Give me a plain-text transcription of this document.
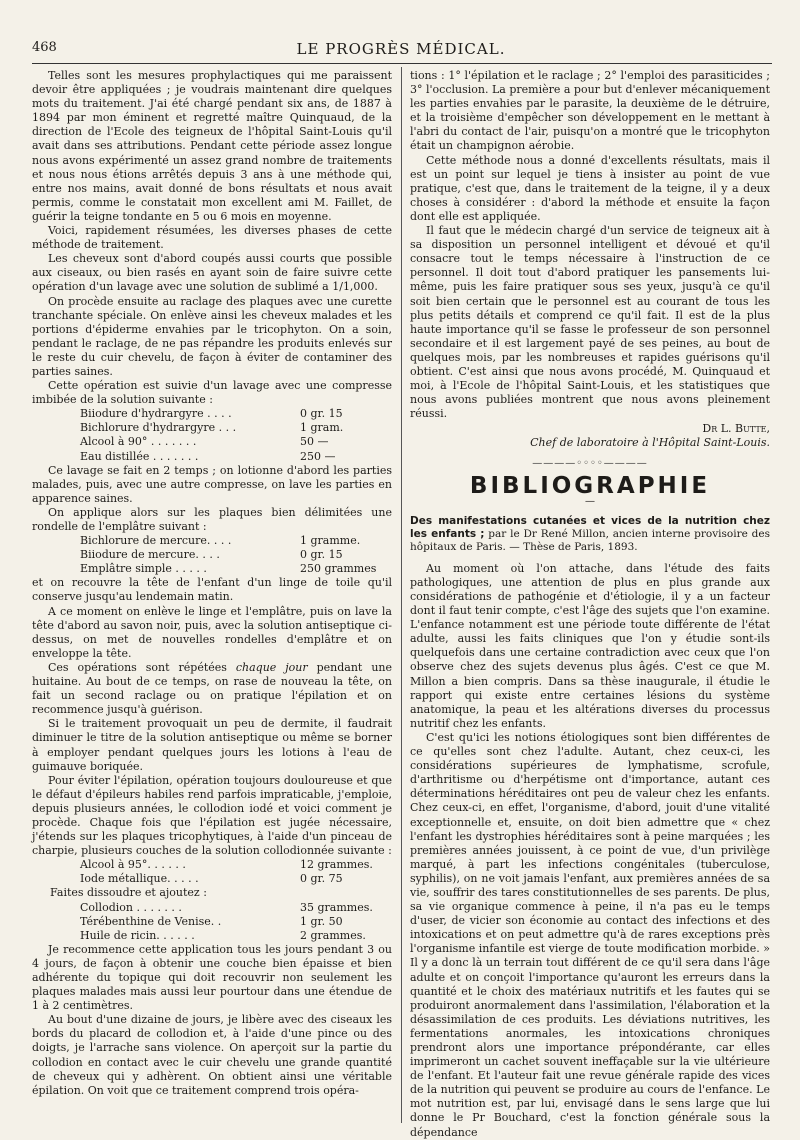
468	LE PROGRÈS MÉDICAL.

Telles sont les mesures prophylactiques qui me paraissent devoir être appliquées ; je voudrais maintenant dire quelques mots du traitement. J'ai été chargé pendant six ans, de 1887 à 1894 par mon éminent et regretté maître Quinquaud, de la direction de l'Ecole des teigneux de l'hôpital Saint-Louis qu'il avait dans ses attributions. Pendant cette période assez longue nous avons expérimenté un assez grand nombre de traitements et nous nous étions arrêtés depuis 3 ans à une méthode qui, entre nos mains, avait donné de bons résultats et nous avait permis, comme le constatait mon excellent ami M. Faillet, de guérir la teigne tondante en 5 ou 6 mois en moyenne.

Voici, rapidement résumées, les diverses phases de cette méthode de traitement.

Les cheveux sont d'abord coupés aussi courts que possible aux ciseaux, ou bien rasés en ayant soin de faire suivre cette opération d'un lavage avec une solution de sublimé a 1/1,000.

On procède ensuite au raclage des plaques avec une curette tranchante spéciale. On enlève ainsi les cheveux malades et les portions d'épiderme envahies par le tricophyton. On a soin, pendant le raclage, de ne pas répandre les produits enlevés sur le reste du cuir chevelu, de façon à éviter de contaminer des parties saines.

Cette opération est suivie d'un lavage avec une compresse imbibée de la solution suivante :

Biiodure d'hydrargyre . . . .	0 gr. 15
Bichlorure d'hydrargyre . . .	1 gram.
Alcool à 90° . . . . . . .	50 —
Eau distillée . . . . . . .	250 —

Ce lavage se fait en 2 temps ; on lotionne d'abord les parties malades, puis, avec une autre compresse, on lave les parties en apparence saines.

On applique alors sur les plaques bien délimitées une rondelle de l'emplâtre suivant :

Bichlorure de mercure. . . .	1 gramme.
Biiodure de mercure. . . .	0 gr. 15
Emplâtre simple . . . . .	250 grammes

et on recouvre la tête de l'enfant d'un linge de toile qu'il conserve jusqu'au lendemain matin.

A ce moment on enlève le linge et l'emplâtre, puis on lave la tête d'abord au savon noir, puis, avec la solution antiseptique ci-dessus, on met de nouvelles rondelles d'emplâtre et on enveloppe la tête.

Ces opérations sont répétées chaque jour pendant une huitaine. Au bout de ce temps, on rase de nouveau la tête, on fait un second raclage ou on pratique l'épilation et on recommence jusqu'à guérison.

Si le traitement provoquait un peu de dermite, il faudrait diminuer le titre de la solution antiseptique ou même se borner à employer pendant quelques jours les lotions à l'eau de guimauve boriquée.

Pour éviter l'épilation, opération toujours douloureuse et que le défaut d'épileurs habiles rend parfois impraticable, j'emploie, depuis plusieurs années, le collodion iodé et voici comment je procède. Chaque fois que l'épilation est jugée nécessaire, j'étends sur les plaques tricophytiques, à l'aide d'un pinceau de charpie, plusieurs couches de la solution collodionnée suivante :

Alcool à 95°. . . . . .	12 grammes.
Iode métallique. . . . .	0 gr. 75
Faites dissoudre et ajoutez :	
Collodion . . . . . . .	35 grammes.
Térébenthine de Venise. .	1 gr. 50
Huile de ricin. . . . . .	2 grammes.

Je recommence cette application tous les jours pendant 3 ou 4 jours, de façon à obtenir une couche bien épaisse et bien adhérente du topique qui doit recouvrir non seulement les plaques malades mais aussi leur pourtour dans une étendue de 1 à 2 centimètres.

Au bout d'une dizaine de jours, je libère avec des ciseaux les bords du placard de collodion et, à l'aide d'une pince ou des doigts, je l'arrache sans violence. On aperçoit sur la partie du collodion en contact avec le cuir chevelu une grande quantité de cheveux qui y adhèrent. On obtient ainsi une véritable épilation. On voit que ce traitement comprend trois opéra-

tions : 1° l'épilation et le raclage ; 2° l'emploi des parasiticides ; 3° l'occlusion. La première a pour but d'enlever mécaniquement les parties envahies par le parasite, la deuxième de le détruire, et la troisième d'empêcher son développement en le mettant à l'abri du contact de l'air, puisqu'on a montré que le tricophyton était un champignon aérobie.

Cette méthode nous a donné d'excellents résultats, mais il est un point sur lequel je tiens à insister au point de vue pratique, c'est que, dans le traitement de la teigne, il y a deux choses à considérer : d'abord la méthode et ensuite la façon dont elle est appliquée.

Il faut que le médecin chargé d'un service de teigneux ait à sa disposition un personnel intelligent et dévoué et qu'il consacre tout le temps nécessaire à l'instruction de ce personnel. Il doit tout d'abord pratiquer les pansements lui-même, puis les faire pratiquer sous ses yeux, jusqu'à ce qu'il soit bien certain que le personnel est au courant de tous les plus petits détails et comprend ce qu'il fait. Il est de la plus haute importance qu'il se fasse le professeur de son personnel secondaire et il est largement payé de ses peines, au bout de quelques mois, par les nombreuses et rapides guérisons qu'il obtient. C'est ainsi que nous avons procédé, M. Quinquaud et moi, à l'Ecole de l'hôpital Saint-Louis, et les statistiques que nous avons publiées montrent que nous avons pleinement réussi.

Dr L. Butte,
Chef de laboratoire à l'Hôpital Saint-Louis.
————◦◦◦◦————
BIBLIOGRAPHIE
—

Des manifestations cutanées et vices de la nutrition chez les enfants ; par le Dr René Millon, ancien interne provisoire des hôpitaux de Paris. — Thèse de Paris, 1893.

Au moment où l'on attache, dans l'étude des faits pathologiques, une attention de plus en plus grande aux considérations de pathogénie et d'étiologie, il y a un facteur dont il faut tenir compte, c'est l'âge des sujets que l'on examine. L'enfance notamment est une période toute différente de l'état adulte, aussi les faits cliniques que l'on y étudie sont-ils quelquefois dans une certaine contradiction avec ceux que l'on observe chez des sujets devenus plus âgés. C'est ce que M. Millon a bien compris. Dans sa thèse inaugurale, il étudie le rapport qui existe entre certaines lésions du système anatomique, la peau et les altérations diverses du processus nutritif chez les enfants.

C'est qu'ici les notions étiologiques sont bien différentes de ce qu'elles sont chez l'adulte. Autant, chez ceux-ci, les considérations supérieures de lymphatisme, scrofule, d'arthritisme ou d'herpétisme ont d'importance, autant ces déterminations héréditaires ont peu de valeur chez les enfants. Chez ceux-ci, en effet, l'organisme, d'abord, jouit d'une vitalité exceptionnelle et, ensuite, on doit bien admettre que « chez l'enfant les dystrophies héréditaires sont à peine marquées ; les premières années jouissent, à ce point de vue, d'un privilège marqué, à part les infections congénitales (tuberculose, syphilis), on ne voit jamais l'enfant, aux premières années de sa vie, souffrir des tares constitutionnelles de ses parents. De plus, sa vie organique commence à peine, il n'a pas eu le temps d'user, de vicier son économie au contact des infections et des intoxications et on peut admettre qu'à de rares exceptions près l'organisme infantile est vierge de toute modification morbide. » Il y a donc là un terrain tout différent de ce qu'il sera dans l'âge adulte et on conçoit l'importance qu'auront les erreurs dans la quantité et le choix des matériaux nutritifs et les fautes qui se produiront anormalement dans l'assimilation, l'élaboration et la désassimilation de ces produits. Les déviations nutritives, les fermentations anormales, les intoxications chroniques prendront alors une importance prépondérante, car elles imprimeront un cachet souvent ineffaçable sur la vie ultérieure de l'enfant. Et l'auteur fait une revue générale rapide des vices de la nutrition qui peuvent se produire au cours de l'enfance. Le mot nutrition est, par lui, envisagé dans le sens large que lui donne le Pr Bouchard, c'est la fonction générale sous la dépendance
